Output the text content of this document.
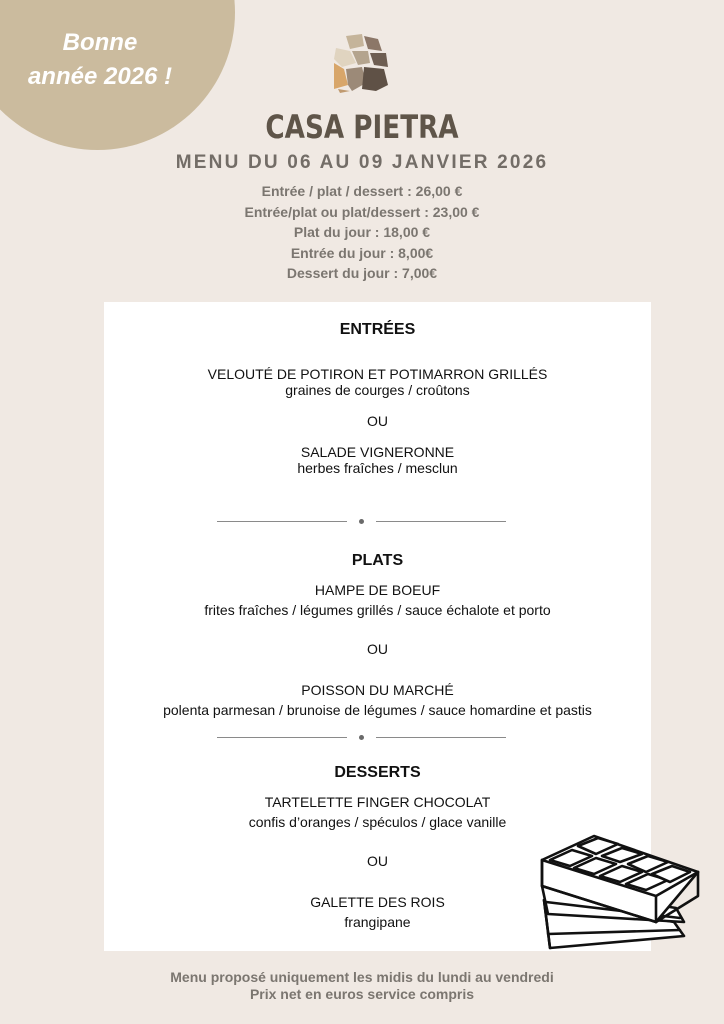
Bonne
année 2026 !
CASA PIETRA
MENU DU 06 AU 09 JANVIER 2026
Entrée / plat / dessert : 26,00 €
Entrée/plat ou plat/dessert : 23,00 €
Plat du jour : 18,00 €
Entrée du jour : 8,00€
Dessert du jour : 7,00€
ENTRÉES
VELOUTÉ DE POTIRON ET POTIMARRON GRILLÉS
graines de courges / croûtons
OU
SALADE VIGNERONNE
herbes fraîches / mesclun
PLATS
HAMPE DE BOEUF
frites fraîches / légumes grillés / sauce échalote et porto
OU
POISSON DU MARCHÉ
polenta parmesan / brunoise de légumes / sauce homardine et pastis
DESSERTS
TARTELETTE FINGER CHOCOLAT
confis d’oranges / spéculos / glace vanille
OU
GALETTE DES ROIS
frangipane
Menu proposé uniquement les midis du lundi au vendredi
Prix net en euros service compris
